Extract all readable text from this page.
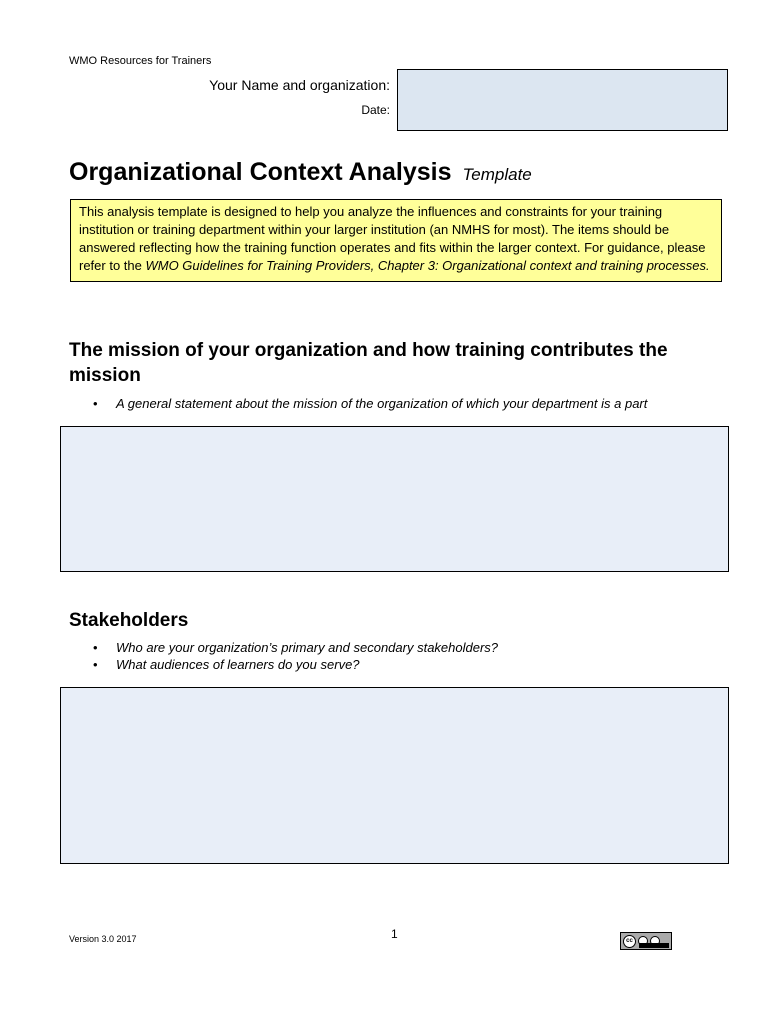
WMO Resources for Trainers
Your Name and organization:
Date:
Organizational Context Analysis Template
This analysis template is designed to help you analyze the influences and constraints for your training institution or training department within your larger institution (an NMHS for most). The items should be answered reflecting how the training function operates and fits within the larger context. For guidance, please refer to the WMO Guidelines for Training Providers, Chapter 3: Organizational context and training processes.
The mission of your organization and how training contributes the mission
• A general statement about the mission of the organization of which your department is a part
Stakeholders
• Who are your organization’s primary and secondary stakeholders?
• What audiences of learners do you serve?
Version 3.0 2017	1	cc
